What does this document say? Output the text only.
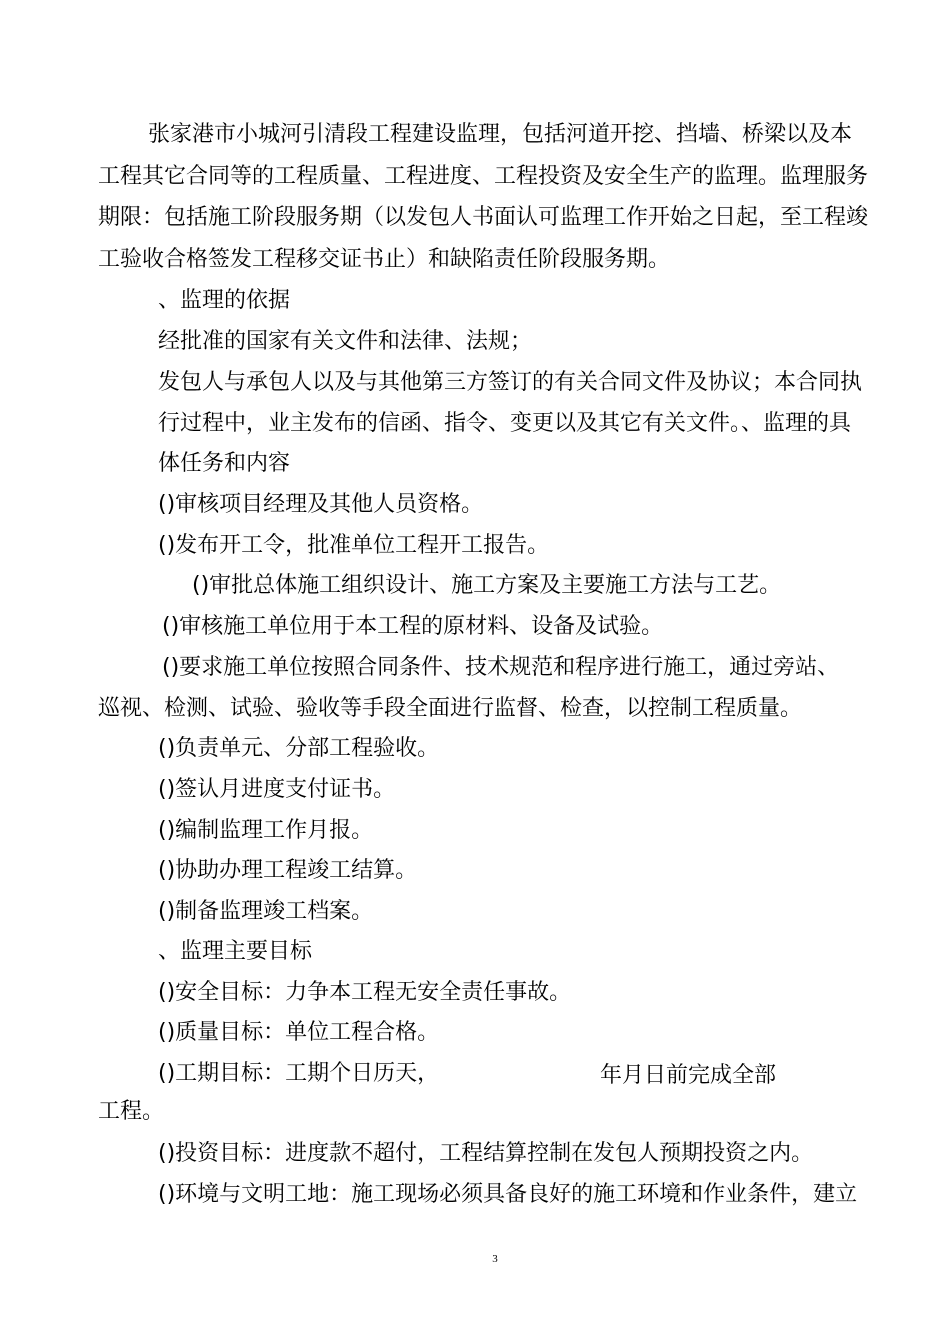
张家港市小城河引清段工程建设监理，包括河道开挖、挡墙、桥梁以及本

工程其它合同等的工程质量、工程进度、工程投资及安全生产的监理。监理服务

期限：包括施工阶段服务期（以发包人书面认可监理工作开始之日起，至工程竣

工验收合格签发工程移交证书止）和缺陷责任阶段服务期。

、监理的依据

经批准的国家有关文件和法律、法规；

发包人与承包人以及与其他第三方签订的有关合同文件及协议；本合同执

行过程中，业主发布的信函、指令、变更以及其它有关文件。、监理的具

体任务和内容

()审核项目经理及其他人员资格。

()发布开工令，批准单位工程开工报告。

()审批总体施工组织设计、施工方案及主要施工方法与工艺。

()审核施工单位用于本工程的原材料、设备及试验。

()要求施工单位按照合同条件、技术规范和程序进行施工，通过旁站、

巡视、检测、试验、验收等手段全面进行监督、检查，以控制工程质量。

()负责单元、分部工程验收。

()签认月进度支付证书。

()编制监理工作月报。

()协助办理工程竣工结算。

()制备监理竣工档案。

、监理主要目标

()安全目标：力争本工程无安全责任事故。

()质量目标：单位工程合格。

()工期目标：工期个日历天，	年月日前完成全部

工程。

()投资目标：进度款不超付，工程结算控制在发包人预期投资之内。

()环境与文明工地：施工现场必须具备良好的施工环境和作业条件，建立

3
